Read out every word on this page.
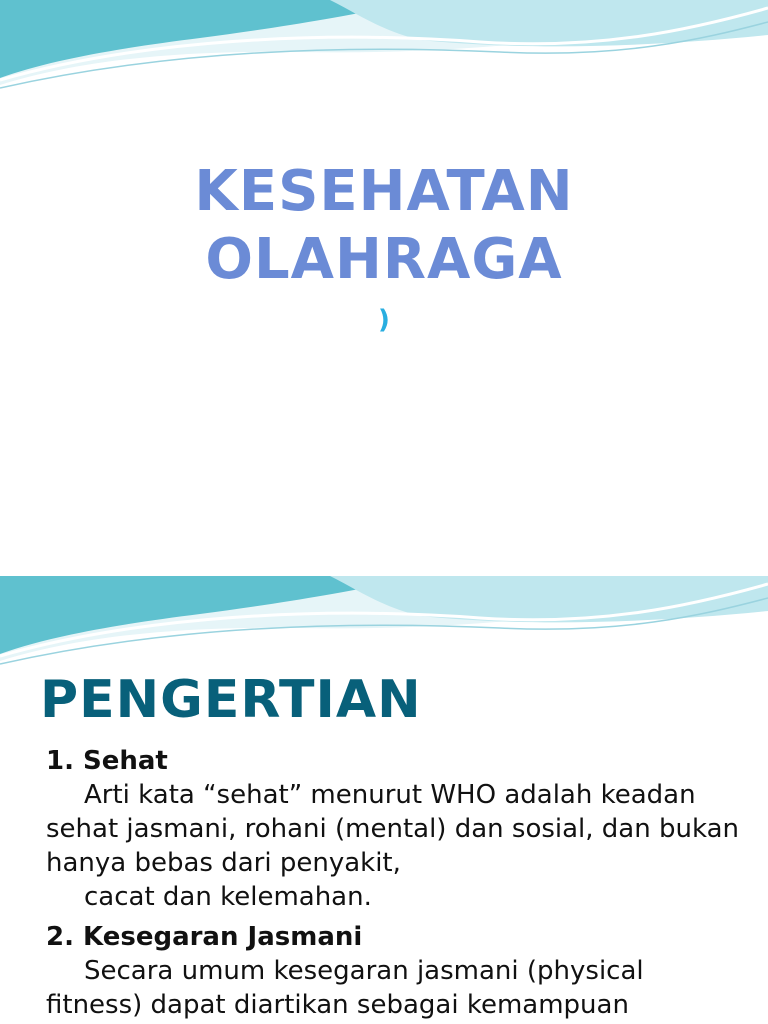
KESEHATAN
OLAHRAGA
)
PENGERTIAN

1. Sehat

Arti kata “sehat” menurut WHO adalah keadan sehat jasmani, rohani (mental) dan sosial, dan bukan hanya bebas dari penyakit,

cacat dan kelemahan.

2. Kesegaran Jasmani

Secara umum kesegaran jasmani (physical fitness) dapat diartikan sebagai kemampuan
